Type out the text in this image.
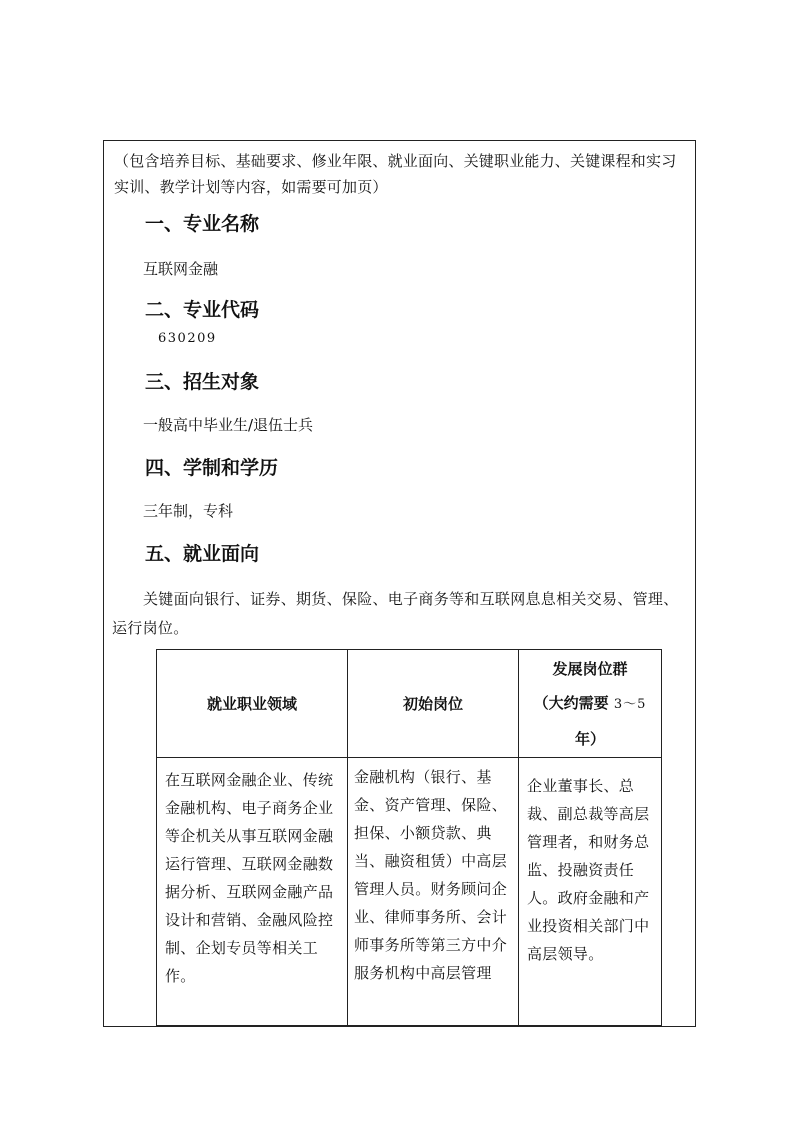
（包含培养目标、基础要求、修业年限、就业面向、关键职业能力、关键课程和实习实训、教学计划等内容，如需要可加页）
一、专业名称
互联网金融
二、专业代码
630209
三、招生对象
一般高中毕业生/退伍士兵
四、学制和学历
三年制，专科
五、就业面向
关键面向银行、证券、期货、保险、电子商务等和互联网息息相关交易、管理、运行岗位。
就业职业领域	初始岗位	发展岗位群
（大约需要 3～5
年）

在互联网金融企业、传统金融机构、电子商务企业等企机关从事互联网金融运行管理、互联网金融数据分析、互联网金融产品设计和营销、金融风险控制、企划专员等相关工作。	金融机构（银行、基金、资产管理、保险、担保、小额贷款、典当、融资租赁）中高层管理人员。财务顾问企业、律师事务所、会计师事务所等第三方中介服务机构中高层管理	企业董事长、总裁、副总裁等高层管理者，和财务总监、投融资责任人。政府金融和产业投资相关部门中高层领导。
